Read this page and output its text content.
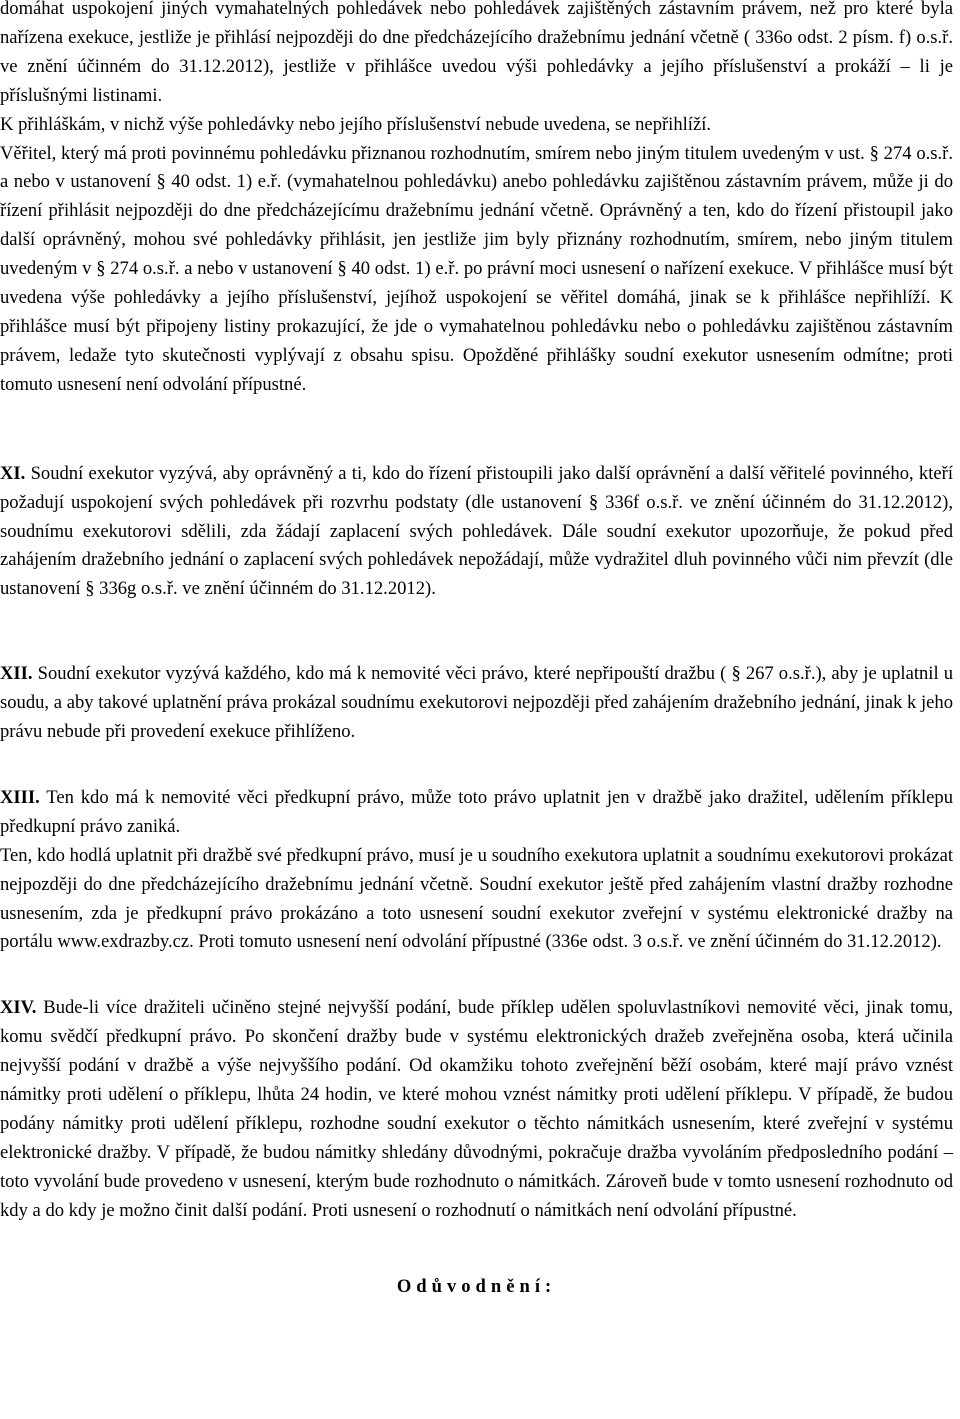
domáhat uspokojení jiných vymahatelných pohledávek nebo pohledávek zajištěných zástavním právem, než pro které byla nařízena exekuce, jestliže je přihlásí nejpozději do dne předcházejícího dražebnímu jednání včetně ( 336o odst. 2 písm. f) o.s.ř. ve znění účinném do 31.12.2012), jestliže v přihlášce uvedou výši pohledávky a jejího příslušenství a prokáží – li je příslušnými listinami.

K přihláškám, v nichž výše pohledávky nebo jejího příslušenství nebude uvedena, se nepřihlíží.

Věřitel, který má proti povinnému pohledávku přiznanou rozhodnutím, smírem nebo jiným titulem uvedeným v ust. § 274 o.s.ř. a nebo v ustanovení § 40 odst. 1) e.ř. (vymahatelnou pohledávku) anebo pohledávku zajištěnou zástavním právem, může ji do řízení přihlásit nejpozději do dne předcházejícímu dražebnímu jednání včetně. Oprávněný a ten, kdo do řízení přistoupil jako další oprávněný, mohou své pohledávky přihlásit, jen jestliže jim byly přiznány rozhodnutím, smírem, nebo jiným titulem uvedeným v § 274 o.s.ř. a nebo v ustanovení § 40 odst. 1) e.ř. po právní moci usnesení o nařízení exekuce. V přihlášce musí být uvedena výše pohledávky a jejího příslušenství, jejíhož uspokojení se věřitel domáhá, jinak se k přihlášce nepřihlíží. K přihlášce musí být připojeny listiny prokazující, že jde o vymahatelnou pohledávku nebo o pohledávku zajištěnou zástavním právem, ledaže tyto skutečnosti vyplývají z obsahu spisu. Opožděné přihlášky soudní exekutor usnesením odmítne; proti tomuto usnesení není odvolání přípustné.

XI. Soudní exekutor vyzývá, aby oprávněný a ti, kdo do řízení přistoupili jako další oprávnění a další věřitelé povinného, kteří požadují uspokojení svých pohledávek při rozvrhu podstaty (dle ustanovení § 336f o.s.ř. ve znění účinném do 31.12.2012), soudnímu exekutorovi sdělili, zda žádají zaplacení svých pohledávek. Dále soudní exekutor upozorňuje, že pokud před zahájením dražebního jednání o zaplacení svých pohledávek nepožádají, může vydražitel dluh povinného vůči nim převzít (dle ustanovení § 336g o.s.ř. ve znění účinném do 31.12.2012).

XII. Soudní exekutor vyzývá každého, kdo má k nemovité věci právo, které nepřipouští dražbu ( § 267 o.s.ř.), aby je uplatnil u soudu, a aby takové uplatnění práva prokázal soudnímu exekutorovi nejpozději před zahájením dražebního jednání, jinak k jeho právu nebude při provedení exekuce přihlíženo.

XIII. Ten kdo má k nemovité věci předkupní právo, může toto právo uplatnit jen v dražbě jako dražitel, udělením příklepu předkupní právo zaniká.

Ten, kdo hodlá uplatnit při dražbě své předkupní právo, musí je u soudního exekutora uplatnit a soudnímu exekutorovi prokázat nejpozději do dne předcházejícího dražebnímu jednání včetně. Soudní exekutor ještě před zahájením vlastní dražby rozhodne usnesením, zda je předkupní právo prokázáno a toto usnesení soudní exekutor zveřejní v systému elektronické dražby na portálu www.exdrazby.cz. Proti tomuto usnesení není odvolání přípustné (336e odst. 3 o.s.ř. ve znění účinném do 31.12.2012).

XIV. Bude-li více dražiteli učiněno stejné nejvyšší podání, bude příklep udělen spoluvlastníkovi nemovité věci, jinak tomu, komu svědčí předkupní právo. Po skončení dražby bude v systému elektronických dražeb zveřejněna osoba, která učinila nejvyšší podání v dražbě a výše nejvyššího podání. Od okamžiku tohoto zveřejnění běží osobám, které mají právo vznést námitky proti udělení o příklepu, lhůta 24 hodin, ve které mohou vznést námitky proti udělení příklepu. V případě, že budou podány námitky proti udělení příklepu, rozhodne soudní exekutor o těchto námitkách usnesením, které zveřejní v systému elektronické dražby. V případě, že budou námitky shledány důvodnými, pokračuje dražba vyvoláním předposledního podání – toto vyvolání bude provedeno v usnesení, kterým bude rozhodnuto o námitkách. Zároveň bude v tomto usnesení rozhodnuto od kdy a do kdy je možno činit další podání. Proti usnesení o rozhodnutí o námitkách není odvolání přípustné.

Odůvodnění:
